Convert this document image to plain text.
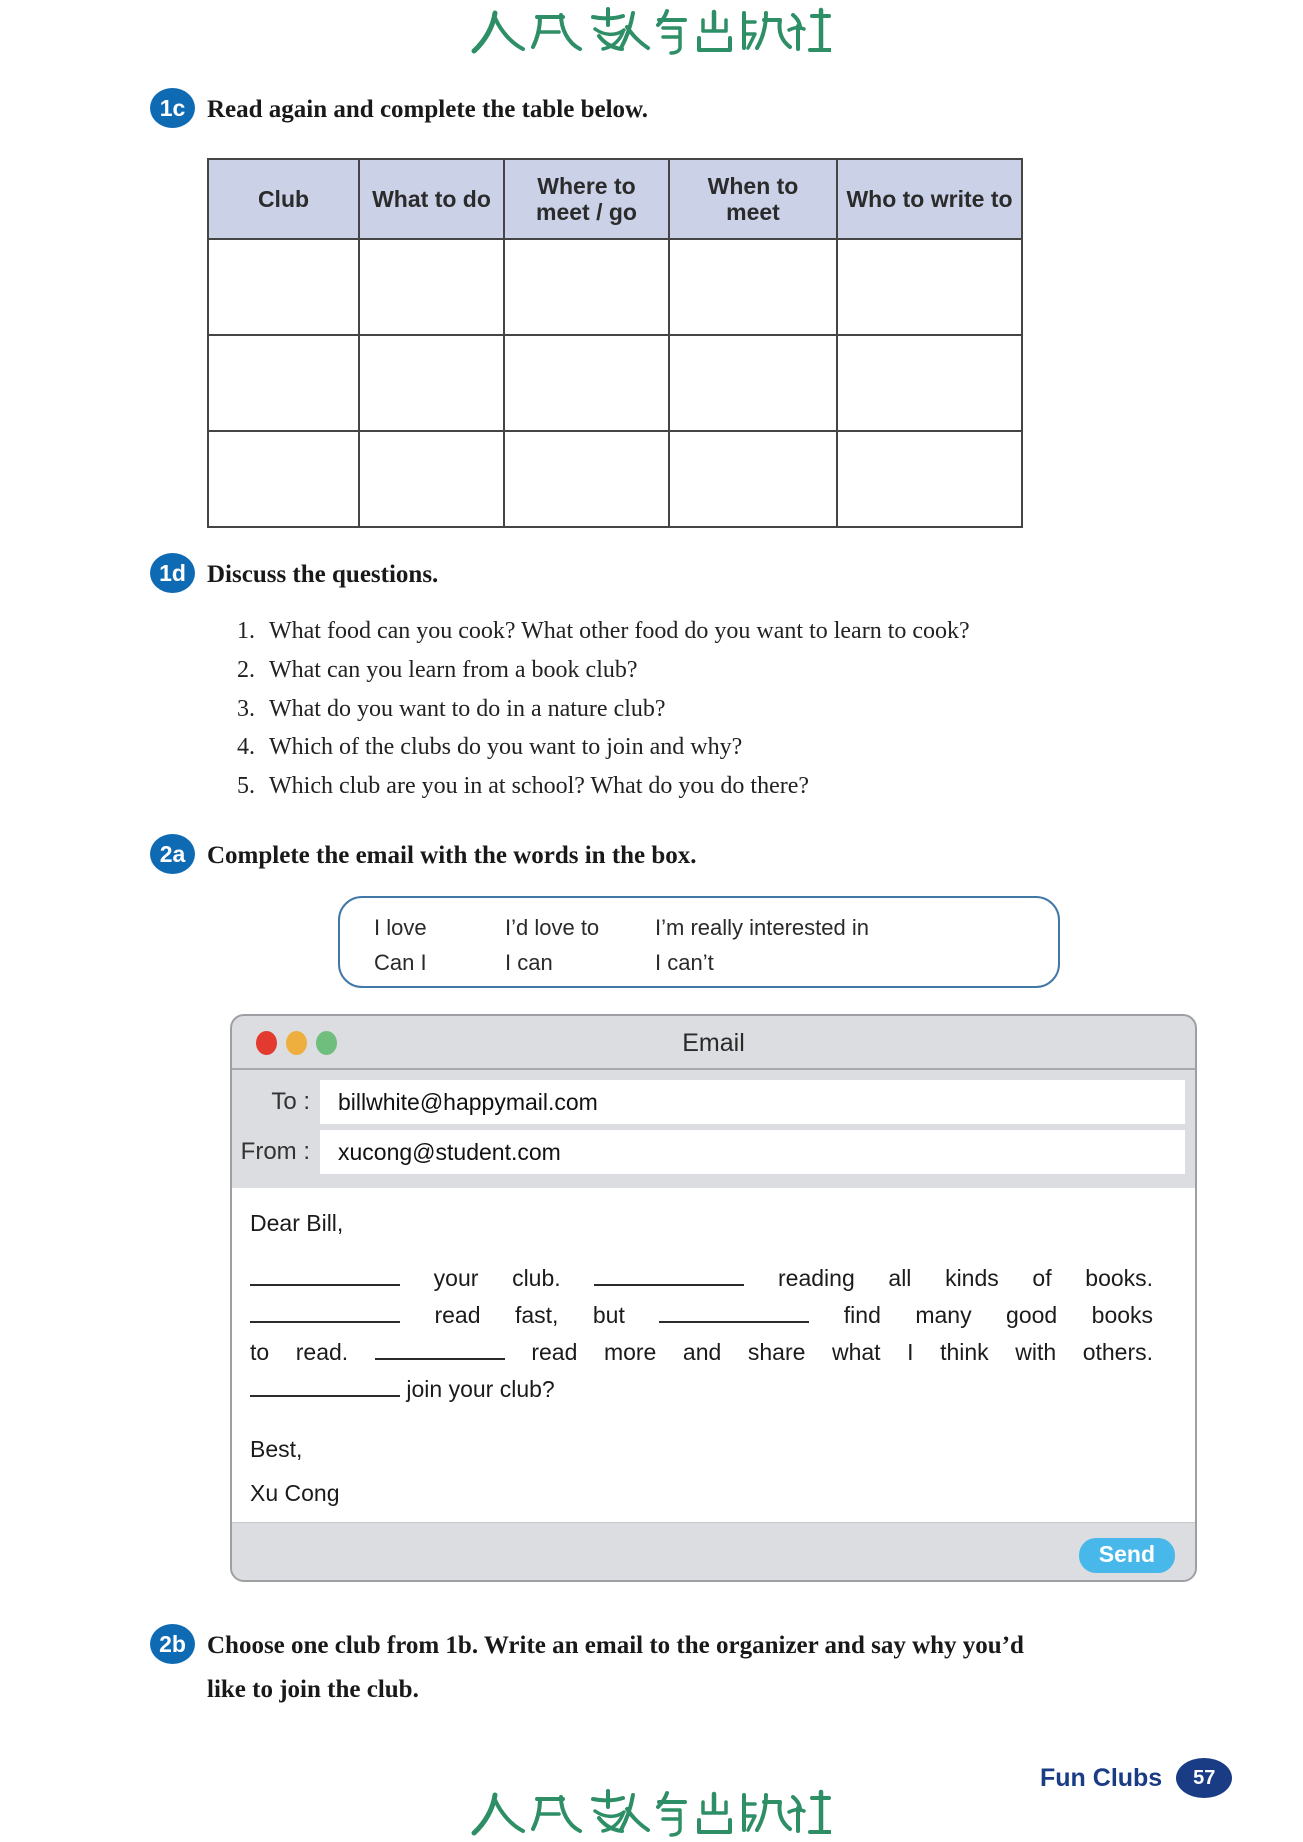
1c Read again and complete the table below.
Club	What to do	Where to meet / go	When to meet	Who to write to

1d Discuss the questions.
1. What food can you cook? What other food do you want to learn to cook?
2. What can you learn from a book club?
3. What do you want to do in a nature club?
4. Which of the clubs do you want to join and why?
5. Which club are you in at school? What do you do there?
2a Complete the email with the words in the box.
I love	I’d love to	I’m really interested in
Can I	I can	I can’t
Email
To :	billwhite@happymail.com
From :	xucong@student.com
Dear Bill,
your club.	reading all kinds of books.
read fast, but	find many good books
to read.	read more and share what I think with others.
join your club?
Best,
Xu Cong
Send
2b Choose one club from 1b. Write an email to the organizer and say why you’d like to join the club.
Fun Clubs 57
